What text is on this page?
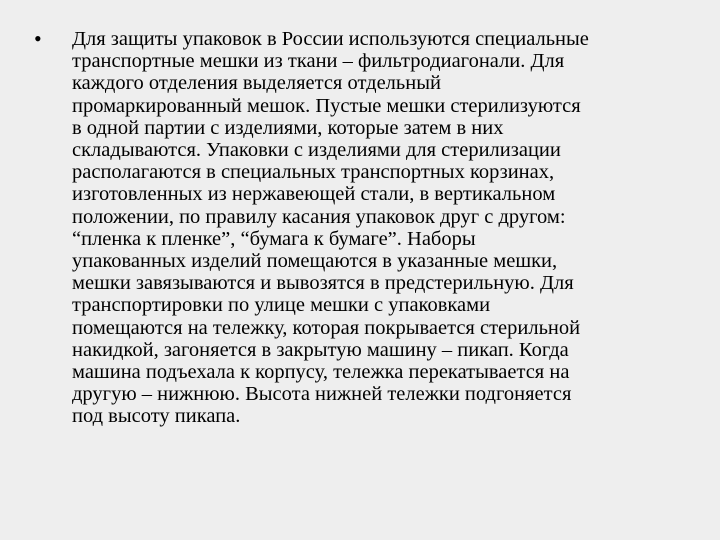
•	Для защиты упаковок в России используются специальные
транспортные мешки из ткани – фильтродиагонали. Для
каждого отделения выделяется отдельный
промаркированный мешок. Пустые мешки стерилизуются
в одной партии с изделиями, которые затем в них
складываются. Упаковки с изделиями для стерилизации
располагаются в специальных транспортных корзинах,
изготовленных из нержавеющей стали, в вертикальном
положении, по правилу касания упаковок друг с другом:
“пленка к пленке”, “бумага к бумаге”. Наборы
упакованных изделий помещаются в указанные мешки,
мешки завязываются и вывозятся в предстерильную. Для
транспортировки по улице мешки с упаковками
помещаются на тележку, которая покрывается стерильной
накидкой, загоняется в закрытую машину – пикап. Когда
машина подъехала к корпусу, тележка перекатывается на
другую – нижнюю. Высота нижней тележки подгоняется
под высоту пикапа.
